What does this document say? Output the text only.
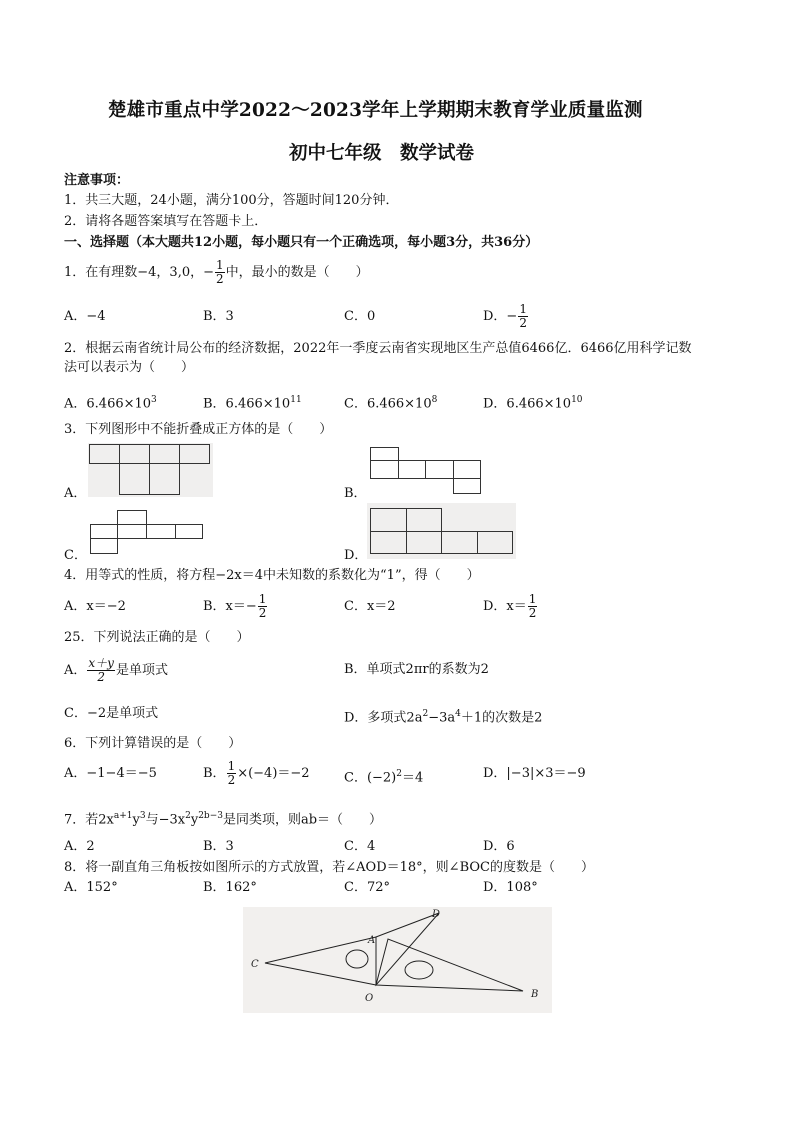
楚雄市重点中学2022～2023学年上学期期末教育学业质量监测
初中七年级　数学试卷
注意事项：
1．共三大题，24小题，满分100分，答题时间120分钟．
2．请将各题答案填写在答题卡上．
一、选择题（本大题共12小题，每小题只有一个正确选项，每小题3分，共36分）
1．在有理数−4，3,0，− $\frac{1}{2}$ 中，最小的数是（　　）
A．−4	B．3	C．0	D．− $\frac{1}{2}$
2．根据云南省统计局公布的经济数据，2022年一季度云南省实现地区生产总值6466亿．6466亿用科学记数
法可以表示为（　　）
A．$6.466\times 10^3$	B．$6.466\times 10^{11}$	C．$6.466\times 10^8$	D．$6.466\times 10^{10}$
3．下列图形中不能折叠成正方体的是（　　）
A．	B．
C．	D．
4．用等式的性质，将方程−2x＝4中未知数的系数化为“1”，得（　　）
A．x＝−2	B．$x=- \frac{1}{2}$	C．x＝2	D．$x= \frac{1}{2}$
25．下列说法正确的是（　　）
A． $\frac{x+y}{2}$ 是单项式	B．单项式2πr的系数为2
C．−2是单项式	D．多项式$2a^2-3a^4+1$的次数是2
6．下列计算错误的是（　　）
A．−1−4＝−5	B． $\frac{1}{2} \times(-4)=-2$	C．$(-2)^2=4$	D．|−3|×3＝−9
7．若$2x^{a+1}y^3$与$-3x^2y^{2b-3}$是同类项，则ab＝（　　）
A．2	B．3	C．4	D．6
8．将一副直角三角板按如图所示的方式放置，若∠AOD＝18°，则∠BOC的度数是（　　）
A．152°	B．162°	C．72°	D．108°
C
A
D
B
O
